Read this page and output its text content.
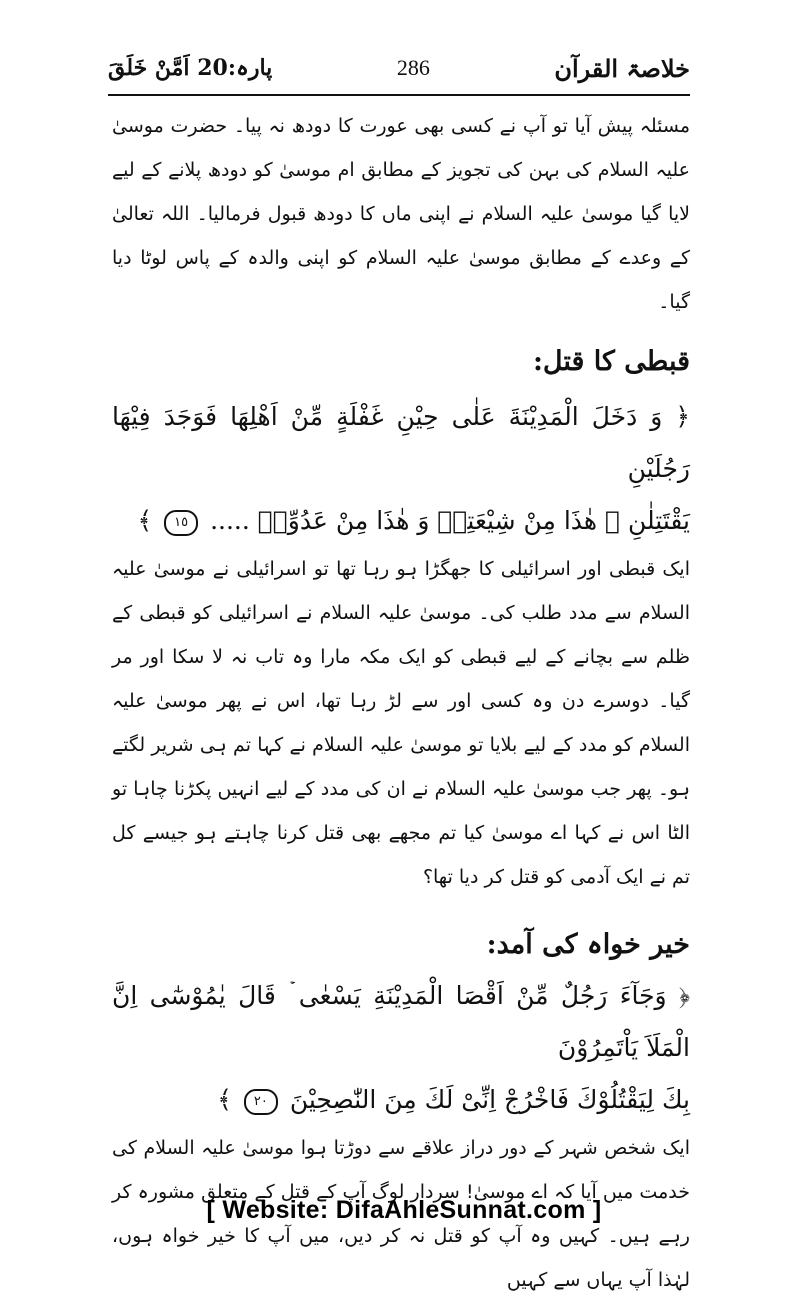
خلاصۃ القرآن
286
پارہ:20 اَمَّنْ خَلَقَ

مسئلہ پیش آیا تو آپ نے کسی بھی عورت کا دودھ نہ پیا۔ حضرت موسیٰ علیہ السلام کی بہن کی تجویز کے مطابق ام موسیٰ کو دودھ پلانے کے لیے لایا گیا موسیٰ علیہ السلام نے اپنی ماں کا دودھ قبول فرمالیا۔ اللہ تعالیٰ کے وعدے کے مطابق موسیٰ علیہ السلام کو اپنی والدہ کے پاس لوٹا دیا گیا۔

قبطی کا قتل:

﴿ وَ دَخَلَ الْمَدِيْنَةَ عَلٰى حِيْنِ غَفْلَةٍ مِّنْ اَهْلِهَا فَوَجَدَ فِيْهَا رَجُلَيْنِ

يَقْتَتِلٰنِ ۗ هٰذَا مِنْ شِيْعَتِهٖ وَ هٰذَا مِنْ عَدُوِّهٖ ..... ١٥ ﴾

ایک قبطی اور اسرائیلی کا جھگڑا ہو رہا تھا تو اسرائیلی نے موسیٰ علیہ السلام سے مدد طلب کی۔ موسیٰ علیہ السلام نے اسرائیلی کو قبطی کے ظلم سے بچانے کے لیے قبطی کو ایک مکہ مارا وہ تاب نہ لا سکا اور مر گیا۔ دوسرے دن وہ کسی اور سے لڑ رہا تھا، اس نے پھر موسیٰ علیہ السلام کو مدد کے لیے بلایا تو موسیٰ علیہ السلام نے کہا تم ہی شریر لگتے ہو۔ پھر جب موسیٰ علیہ السلام نے ان کی مدد کے لیے انہیں پکڑنا چاہا تو الٹا اس نے کہا اے موسیٰ کیا تم مجھے بھی قتل کرنا چاہتے ہو جیسے کل تم نے ایک آدمی کو قتل کر دیا تھا؟

خیر خواہ کی آمد:

﴿ وَجَآءَ رَجُلٌ مِّنْ اَقْصَا الْمَدِيْنَةِ يَسْعٰى ۡ قَالَ يٰمُوْسٰٓى اِنَّ الْمَلَاَ يَاْتَمِرُوْنَ

بِكَ لِيَقْتُلُوْكَ فَاخْرُجْ اِنِّىْ لَكَ مِنَ النّٰصِحِيْنَ ٢٠ ﴾

ایک شخص شہر کے دور دراز علاقے سے دوڑتا ہوا موسیٰ علیہ السلام کی خدمت میں آیا کہ اے موسیٰ! سردار لوگ آپ کے قتل کے متعلق مشورہ کر رہے ہیں۔ کہیں وہ آپ کو قتل نہ کر دیں، میں آپ کا خیر خواہ ہوں، لہٰذا آپ یہاں سے کہیں

[ Website: DifaAhleSunnat.com ]
